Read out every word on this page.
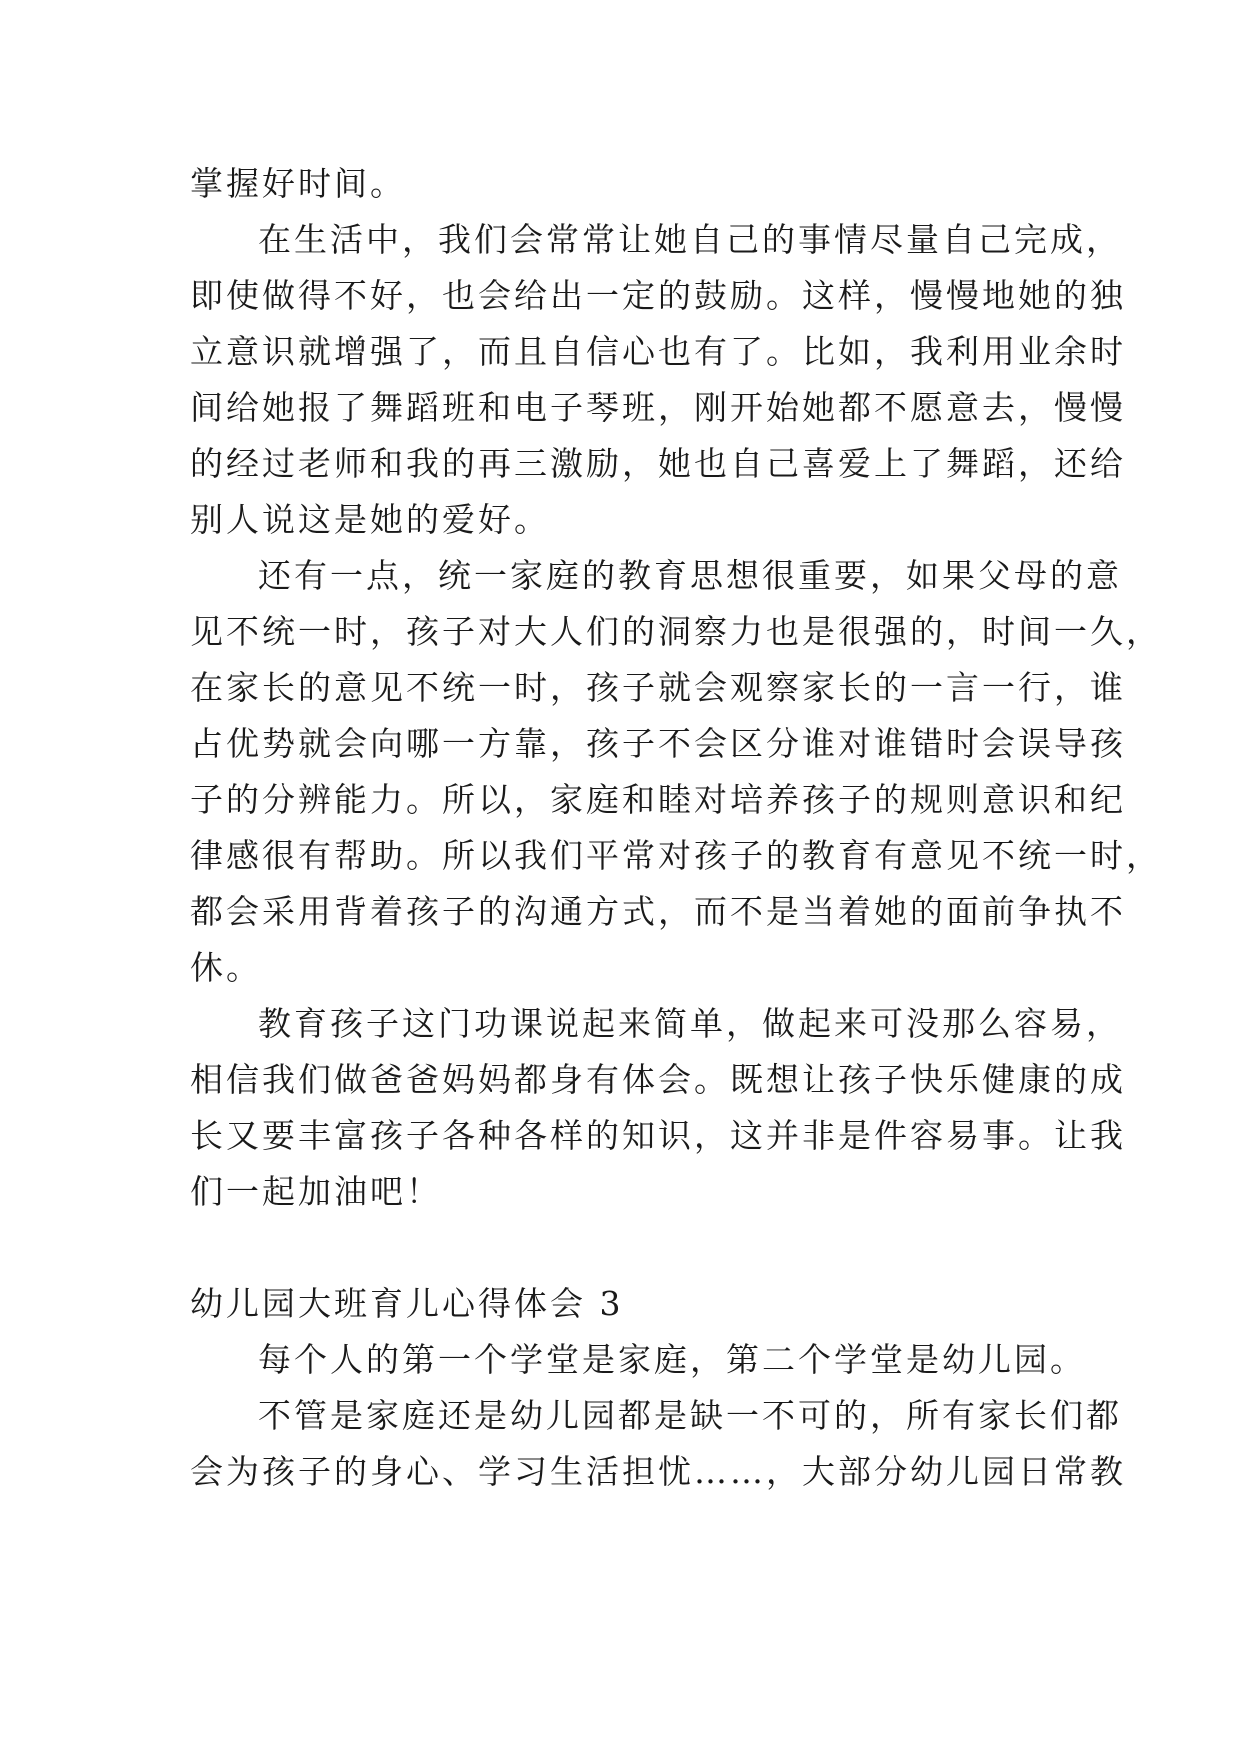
掌握好时间。
在生活中，我们会常常让她自己的事情尽量自己完成，
即使做得不好，也会给出一定的鼓励。这样，慢慢地她的独
立意识就增强了，而且自信心也有了。比如，我利用业余时
间给她报了舞蹈班和电子琴班，刚开始她都不愿意去，慢慢
的经过老师和我的再三激励，她也自己喜爱上了舞蹈，还给
别人说这是她的爱好。
还有一点，统一家庭的教育思想很重要，如果父母的意
见不统一时，孩子对大人们的洞察力也是很强的，时间一久，
在家长的意见不统一时，孩子就会观察家长的一言一行，谁
占优势就会向哪一方靠，孩子不会区分谁对谁错时会误导孩
子的分辨能力。所以，家庭和睦对培养孩子的规则意识和纪
律感很有帮助。所以我们平常对孩子的教育有意见不统一时，
都会采用背着孩子的沟通方式，而不是当着她的面前争执不
休。
教育孩子这门功课说起来简单，做起来可没那么容易，
相信我们做爸爸妈妈都身有体会。既想让孩子快乐健康的成
长又要丰富孩子各种各样的知识，这并非是件容易事。让我
们一起加油吧！
幼儿园大班育儿心得体会 3
每个人的第一个学堂是家庭，第二个学堂是幼儿园。
不管是家庭还是幼儿园都是缺一不可的，所有家长们都
会为孩子的身心、学习生活担忧……，大部分幼儿园日常教
